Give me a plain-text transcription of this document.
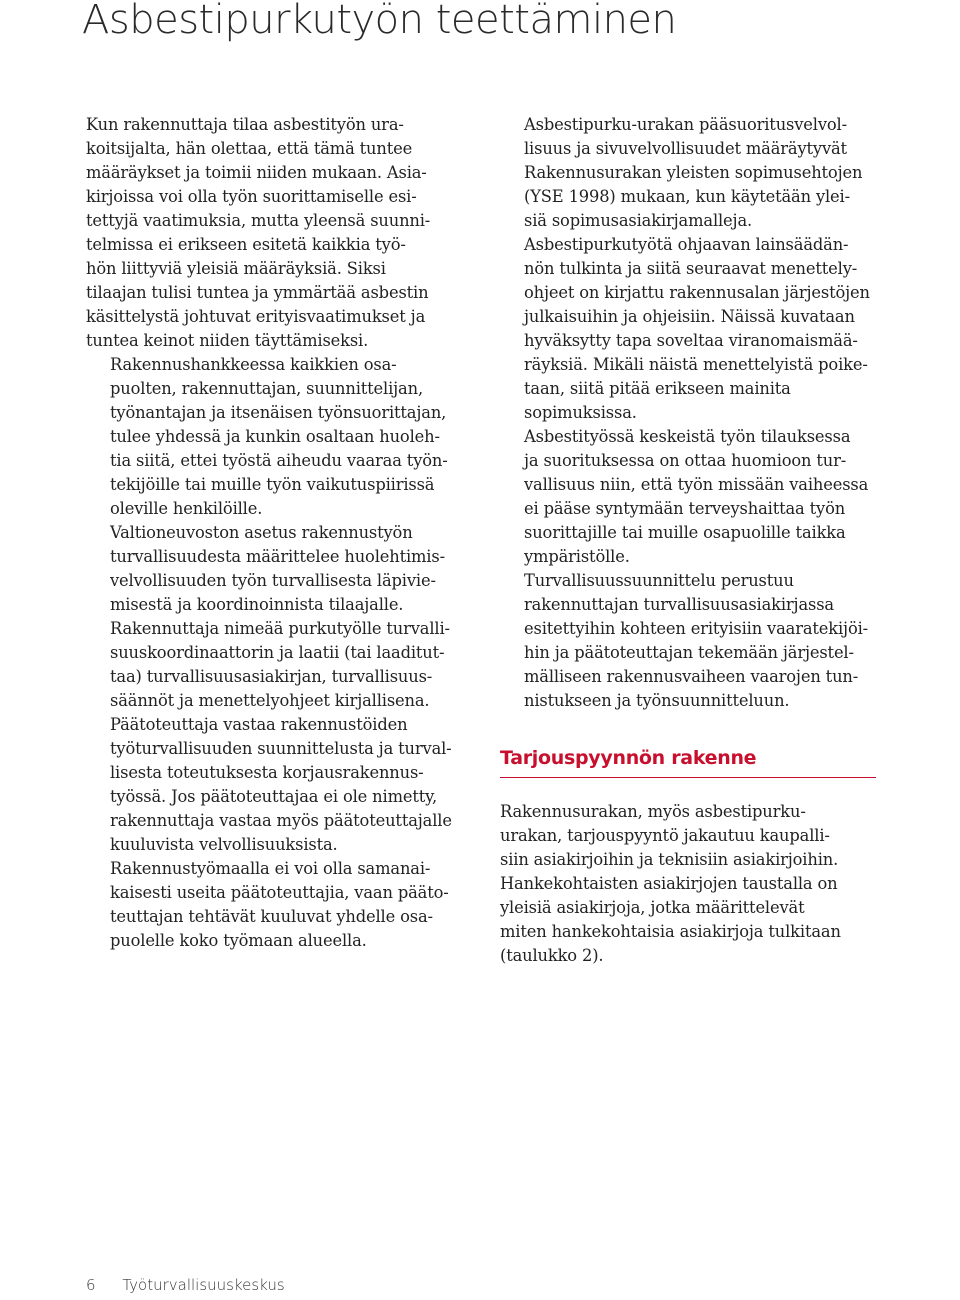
Asbestipurkutyön teettäminen

Kun rakennuttaja tilaa asbestityön ura-
koitsijalta, hän olettaa, että tämä tuntee
määräykset ja toimii niiden mukaan. Asia-
kirjoissa voi olla työn suorittamiselle esi-
tettyjä vaatimuksia, mutta yleensä suunni-
telmissa ei erikseen esitetä kaikkia työ-
hön liittyviä yleisiä määräyksiä. Siksi
tilaajan tulisi tuntea ja ymmärtää asbestin
käsittelystä johtuvat erityisvaatimukset ja
tuntea keinot niiden täyttämiseksi.

Rakennushankkeessa kaikkien osa-
puolten, rakennuttajan, suunnittelijan,
työnantajan ja itsenäisen työnsuorittajan,
tulee yhdessä ja kunkin osaltaan huoleh-
tia siitä, ettei työstä aiheudu vaaraa työn-
tekijöille tai muille työn vaikutuspiirissä
oleville henkilöille.

Valtioneuvoston asetus rakennustyön
turvallisuudesta määrittelee huolehtimis-
velvollisuuden työn turvallisesta läpivie-
misestä ja koordinoinnista tilaajalle.
Rakennuttaja nimeää purkutyölle turvalli-
suuskoordinaattorin ja laatii (tai laaditut-
taa) turvallisuusasiakirjan, turvallisuus-
säännöt ja menettelyohjeet kirjallisena.

Päätoteuttaja vastaa rakennustöiden
työturvallisuuden suunnittelusta ja turval-
lisesta toteutuksesta korjausrakennus-
työssä. Jos päätoteuttajaa ei ole nimetty,
rakennuttaja vastaa myös päätoteuttajalle
kuuluvista velvollisuuksista.

Rakennustyömaalla ei voi olla samanai-
kaisesti useita päätoteuttajia, vaan pääto-
teuttajan tehtävät kuuluvat yhdelle osa-
puolelle koko työmaan alueella.

Asbestipurku-urakan pääsuoritusvelvol-
lisuus ja sivuvelvollisuudet määräytyvät
Rakennusurakan yleisten sopimusehtojen
(YSE 1998) mukaan, kun käytetään ylei-
siä sopimusasiakirjamalleja.

Asbestipurkutyötä ohjaavan lainsäädän-
nön tulkinta ja siitä seuraavat menettely-
ohjeet on kirjattu rakennusalan järjestöjen
julkaisuihin ja ohjeisiin. Näissä kuvataan
hyväksytty tapa soveltaa viranomaismää-
räyksiä. Mikäli näistä menettelyistä poike-
taan, siitä pitää erikseen mainita
sopimuksissa.

Asbestityössä keskeistä työn tilauksessa
ja suorituksessa on ottaa huomioon tur-
vallisuus niin, että työn missään vaiheessa
ei pääse syntymään terveyshaittaa työn
suorittajille tai muille osapuolille taikka
ympäristölle.

Turvallisuussuunnittelu perustuu
rakennuttajan turvallisuusasiakirjassa
esitettyihin kohteen erityisiin vaaratekijöi-
hin ja päätoteuttajan tekemään järjestel-
mälliseen rakennusvaiheen vaarojen tun-
nistukseen ja työnsuunnitteluun.

Tarjouspyynnön rakenne

Rakennusurakan, myös asbestipurku-
urakan, tarjouspyyntö jakautuu kaupalli-
siin asiakirjoihin ja teknisiin asiakirjoihin.
Hankekohtaisten asiakirjojen taustalla on
yleisiä asiakirjoja, jotka määrittelevät
miten hankekohtaisia asiakirjoja tulkitaan
(taulukko 2).

6 Työturvallisuuskeskus
